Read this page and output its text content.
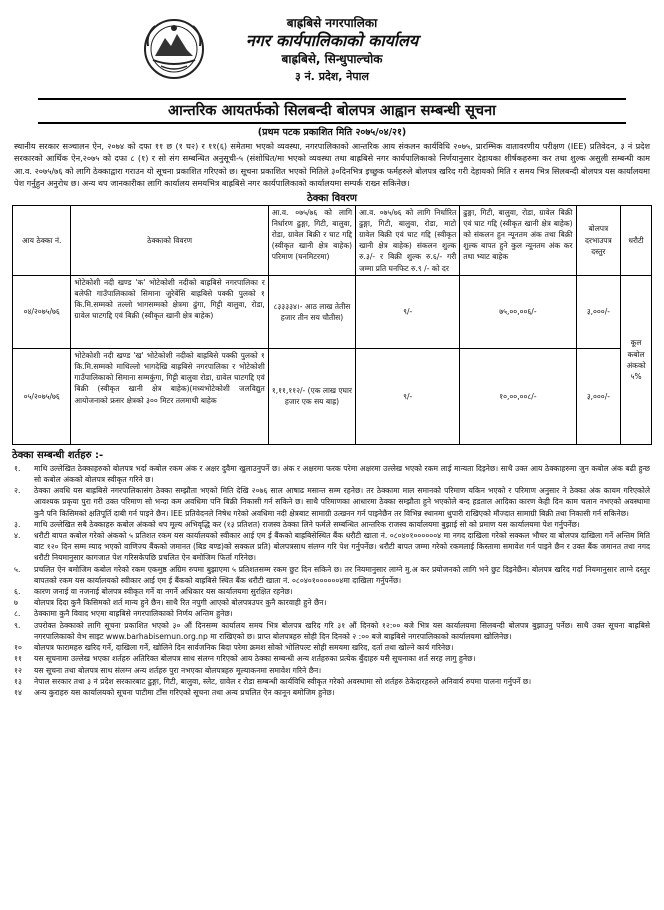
बाह्रबिसे नगरपालिका
नगर कार्यपालिकाको कार्यालय
बाह्रबिसे, सिन्धुपाल्चोक
३ नं. प्रदेश, नेपाल
आन्तरिक आयतर्फको सिलबन्दी बोलपत्र आह्वान सम्बन्धी सूचना
(प्रथम पटक प्रकाशित मिति २०७५/०४/२१)
स्थानीय सरकार सञ्चालन ऐन, २०७४ को दफा ११ छ (१ घ२) र ११(६) समेतमा भएको व्यवस्था, नगरपालिकाको आन्तरिक आय संकलन कार्यविधि २०७५, प्रारम्भिक वातावरणीय परीक्षण (IEE) प्रतिवेदन, ३ नं प्रदेश सरकारको आर्थिक ऐन,२०७५ को दफा ८ (१) र सो संग सम्बन्धित अनुसूची-५ (संशोधित/मा भएको व्यवस्था तथा बाह्रबिसे नगर कार्यपालिकाको निर्णयानुसार देहायका शीर्षकहरुमा कर तथा शुल्क असुली सम्बन्धी काम आ.व. २०७५/७६ को लागि ठेक्काद्वारा गराउन यो सूचना प्रकाशित गरिएको छ। सूचना प्रकाशित भएको मितिले ३०दिनभित्र इच्छुक फर्महरुले बोलपत्र खरिद गरी देहायको मिति र समय भित्र सिलबन्दी बोलपत्र यस कार्यालयमा पेश गर्नुहुन अनुरोध छ। अन्य थप जानकारीका लागि कार्यालय समयभित्र बाह्रबिसे नगर कार्यपालिकाको कार्यालयमा सम्पर्क राख्न सकिनेछ।
ठेक्का विवरण
आय ठेक्का नं.	ठेक्काको विवरण	आ.व. ०७५/७६ को लागि निर्धारण ढुङ्गा, गिटी, बालुवा, रोडा, ग्रावेल बिक्री र घाट गद्दि (स्वीकृत खानी क्षेत्र बाहेक) परिमाण (घनमिटरमा)	आ.व. ०७५/७६ को लागि निर्धारित ढुङ्गा, गिटी, बालुवा, रोडा, माटो ग्रावेल बिक्री एवं घाट गद्दि (स्वीकृत खानी क्षेत्र बाहेक) संकलन शुल्क रु.३/- र बिक्री शुल्क रु.६/- गरी जम्मा प्रति घनफिट रु.९ /- को दर	ढुङ्गा, गिटी, बालुवा, रोडा, ग्रावेल बिक्री एवं घाट गद्दि (स्वीकृत खानी क्षेत्र बाहेक) को संकलन हुन न्यूनतम अंक तथा बिक्री शुल्क बापत हुने कुल न्यूनतम अंक कर तथा भ्याट बाहेक	बोलपत्र दरभाउपत्र दस्तुर	धरौटी
०४/२०७५/७६	भोटेकोशी नदी खण्ड 'क' भोटेकोशी नदीको बाह्रबिसे नगरपालिका र बलेफी गाउँपालिकाको सिमाना जुरेबेंसि बाह्रबिसे पक्की पुलको १ कि.मि.सम्मको तल्लो भागसम्मको क्षेत्रमा ढुंगा, गिट्टी बालुवा, रोडा, ग्रावेल घाटगद्दि एवं बिक्री (स्वीकृत खानी क्षेत्र बाहेक)	८३३३३४।- आठ लाख तेतीस हजार तीन सय चौतीस)	९/-	७५,००,००६/-	३,०००/-	कूल कबोल अंकको ५%
०५/२०७५/७६	भोटेकोशी नदी खण्ड 'ख' भोटेकोशी नदीको बाह्रबिसे पक्की पुलको १ कि.मि.सम्मको माथिल्लो भागदेखि बाह्रबिसे नगरपालिका र भोटेकोशी गाउँपालिकाको सिमाना सम्मकुंगा, गिट्टी बालुवा रोडा, ग्रावेल घाटगद्दि एवं बिक्री (स्वीकृत खानी क्षेत्र बाहेक)(मध्यभोटेकोशी जलविद्युत आयोजनाको फ्रसर क्षेत्रको ३०० मिटर तलमाथी बाहेक	१,११,११२/- (एक लाख एघार हजार एक सय बाह्र)	९/-	१०,००,००८/-	३,०००/-	
ठेक्का सम्बन्धी शर्तहरु :-
१.	माथि उल्लेखित ठेक्काहरुको बोलपत्र भर्दा कबोल रकम अंक र अक्षर दुवैमा खुलाउनुपर्ने छ। अंक र अक्षरमा फरक परेमा अक्षरमा उल्लेख भएको रकम लाई मान्यता दिइनेछ। साथै उक्त आय ठेक्काहरुमा जुन कबोल अंक बढी हुन्छ सो कबोल अंकको बोलपत्र स्वीकृत गरिने छ।
२.	ठेक्का अवधि यस बाह्रबिसे नगरपालिकासंग ठेक्का सम्झौता भएको मिति देखि २०७६ साल आषाढ मसान्त सम्म रहनेछ। तर ठेक्कामा माल समानको परिमाण यकिन भएको र परिमाण अनुसार ने ठेक्का अंक कायम गरिएकोले आवश्यक प्रकृया पुरा गरी उक्त परिमाण सो भन्दा कम अवधिमा पनि बिक्री निकासी गर्न सकिने छ। साथै परिमाणका आधारमा ठेक्का सम्झौता हुने भएकोले बन्द हडताल आदिका कारण केही दिन काम चलान नभएको अवस्थामा कुनै पनि किसिमको क्षतिपूर्ति दाबी गर्न पाइने छैन। IEE प्रतिवेदनले निषेध गरेको अवधिमा नदी क्षेत्रबाट सामाग्री उत्खनन गर्न पाइनेछैन तर विभिन्न स्थानमा थुपारी राखिएको मौज्दात सामाग्री बिक्री तथा निकासी गर्न सकिनेछ।
३.	माथि उल्लेखित सबै ठेक्काहरु कबोल अंकको थप मूल्य अभिवृद्धि कर (१३ प्रतिशत) राजस्व ठेक्का लिने फर्मले सम्बन्धित आन्तरिक राजस्व कार्यालयमा बुझाई सो को प्रमाण यस कार्यालयमा पेश गर्नुपर्नेछ।
४.	धरौटी बापत कबोल गरेको अंकको ५ प्रतिशत रकम यस कार्यालयको स्वीकार आई एम ई बैंकको बाह्रबिसेस्थित बैंक धरौटी खाता नं. ०८०४०१००००००४ मा नगद दाखिला गरेको सक्कल भौचर वा बोलपत्र दाखिला गर्ने अन्तिम मिति बाट १२० दिन सम्म म्याद भएको वाणिज्य बैंकको जमानत (बिड बण्ड)को सक्कल प्रति) बोलपत्रसाथ संलग्न गरि पेश गर्नुपर्नेछ। धरौटी बापत जम्मा गरेको रकमलाई किस्तामा समावेश गर्न पाइने छैन र उक्त बैंक जमानत तथा नगद धरौटी नियमानुसार कागजात पेश गरिसकेपछि प्रचलित ऐन बमोजिम फिर्ता गरिनेछ।
५.	प्रचलित ऐन बमोजिम कबोल गरेको रकम एकमुष्ठ अग्रिम रुपमा बुझाएमा ५ प्रतिशतसम्म रकम छुट दिन सकिने छ। तर नियमानुसार लाग्ने मु.अ कर प्रयोजनको लागि भने छुट दिइनेछैन। बोलपत्र खरिद गर्दा नियमानुसार लाग्ने दस्तुर बापतको रकम यस कार्यालयको स्वीकार आई एम ई बैंकको बाह्रबिसे स्थित बैंक धरौटी खाता नं. ०८०४०१००००००४मा दाखिला गर्नुपर्नेछ।
६.	कारण जनाई वा नजनाई बोलपत्र स्वीकृत गर्ने वा नगर्ने अधिकार यस कार्यालयमा सुरक्षित रहनेछ।
७	बोलपत्र दिदा कुनै किसिमको शर्त मान्य हुने छैन। साथै रित नपुगी आएको बोलपत्रउपर कुनै कारवाही हुने छैन।
८.	ठेक्कामा कुनै विवाद भएमा बाह्रबिसे नगरपालिकाको निर्णय अन्तिम हुनेछ।
९.	उपरोक्त ठेक्काको लागि सूचना प्रकाशित भएको ३० औं दिनसम्म कार्यालय समय भित्र बोलपत्र खरिद गरि ३१ औं दिनको १२:०० बजे भित्र यस कार्यालयमा सिलबन्दी बोलपत्र बुझाउनु पर्नेछ। साथै उक्त सूचना बाह्रबिसे नगरपालिकाको वेभ साइट www.barhabisemun.org.np मा राखिएको छ। प्राप्त बोलपत्रहरु सोही दिन दिनको २ :०० बजे बाह्रबिसे नगरपालिकाको कार्यालयमा खोलिनेछ।
१०	बोलपत्र फारामहरु खरिद गर्ने, दाखिला गर्ने, खोलिने दिन सार्वजनिक बिदा परेमा क्रमश सोको भोलिपल्ट सोही समयमा खरिद, दर्ता तथा खोल्ने कार्य गरिनेछ।
११	यस सूचनामा उल्लेख भएका शर्तहरु अतिरिक्त बोलपत्र साथ संलग्न गरिएको आय ठेक्का सम्बन्धी अन्य शर्तहरुका प्रत्येक बुँदाहरु यसै सूचनाका शर्त सरह लागु हुनेछ।
१२	यस सूचना तथा बोलपत्र साथ संलग्न अन्य शर्तहरु पुरा नभएका बोलपत्रहरु मूल्याकनमा समावेश गरिने छैन।
१३	नेपाल सरकार तथा ३ नं प्रदेश सरकारबाट ढुङ्गा, गिटी, बालुवा, स्लेट, ग्रावेल र रोडा सम्बन्धी कार्यविधि स्वीकृत गरेको अवस्थामा सो शर्तहरु ठेकेदारहरुले अनिवार्य रुपमा पालना गर्नुपर्ने छ।
१४	अन्य कुराहरु यस कार्यालयको सूचना पाटीमा टाँस गरिएको सूचना तथा अन्य प्रचलित ऐन कानून बमोजिम हुनेछ।
